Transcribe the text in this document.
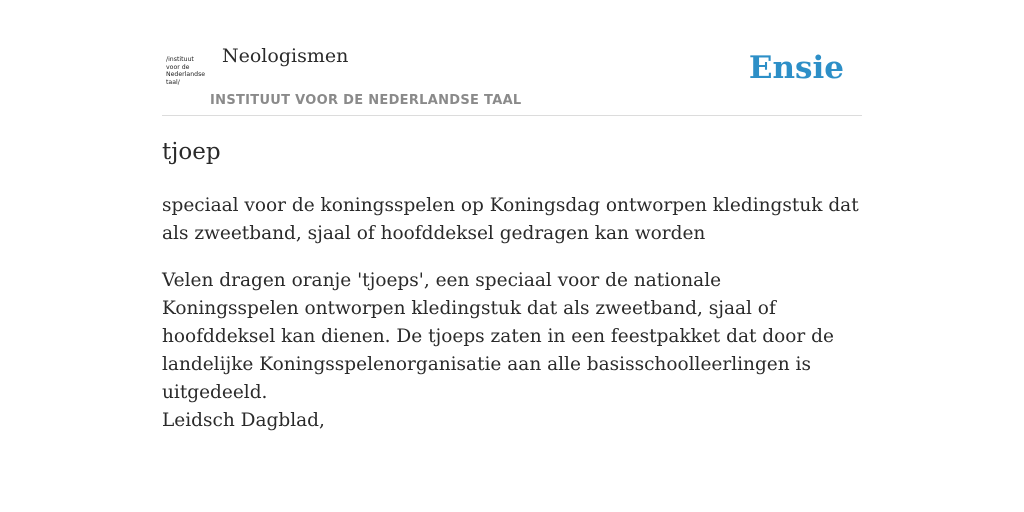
/instituut
voor de
Nederlandse
taal/
Neologismen
INSTITUUT VOOR DE NEDERLANDSE TAAL
Ensie
tjoep

speciaal voor de koningsspelen op Koningsdag ontworpen kledingstuk dat als zweetband, sjaal of hoofddeksel gedragen kan worden

Velen dragen oranje 'tjoeps', een speciaal voor de nationale Koningsspelen ontworpen kledingstuk dat als zweetband, sjaal of hoofddeksel kan dienen. De tjoeps zaten in een feestpakket dat door de landelijke Koningsspelenorganisatie aan alle basisschoolleerlingen is uitgedeeld.
Leidsch Dagblad,
